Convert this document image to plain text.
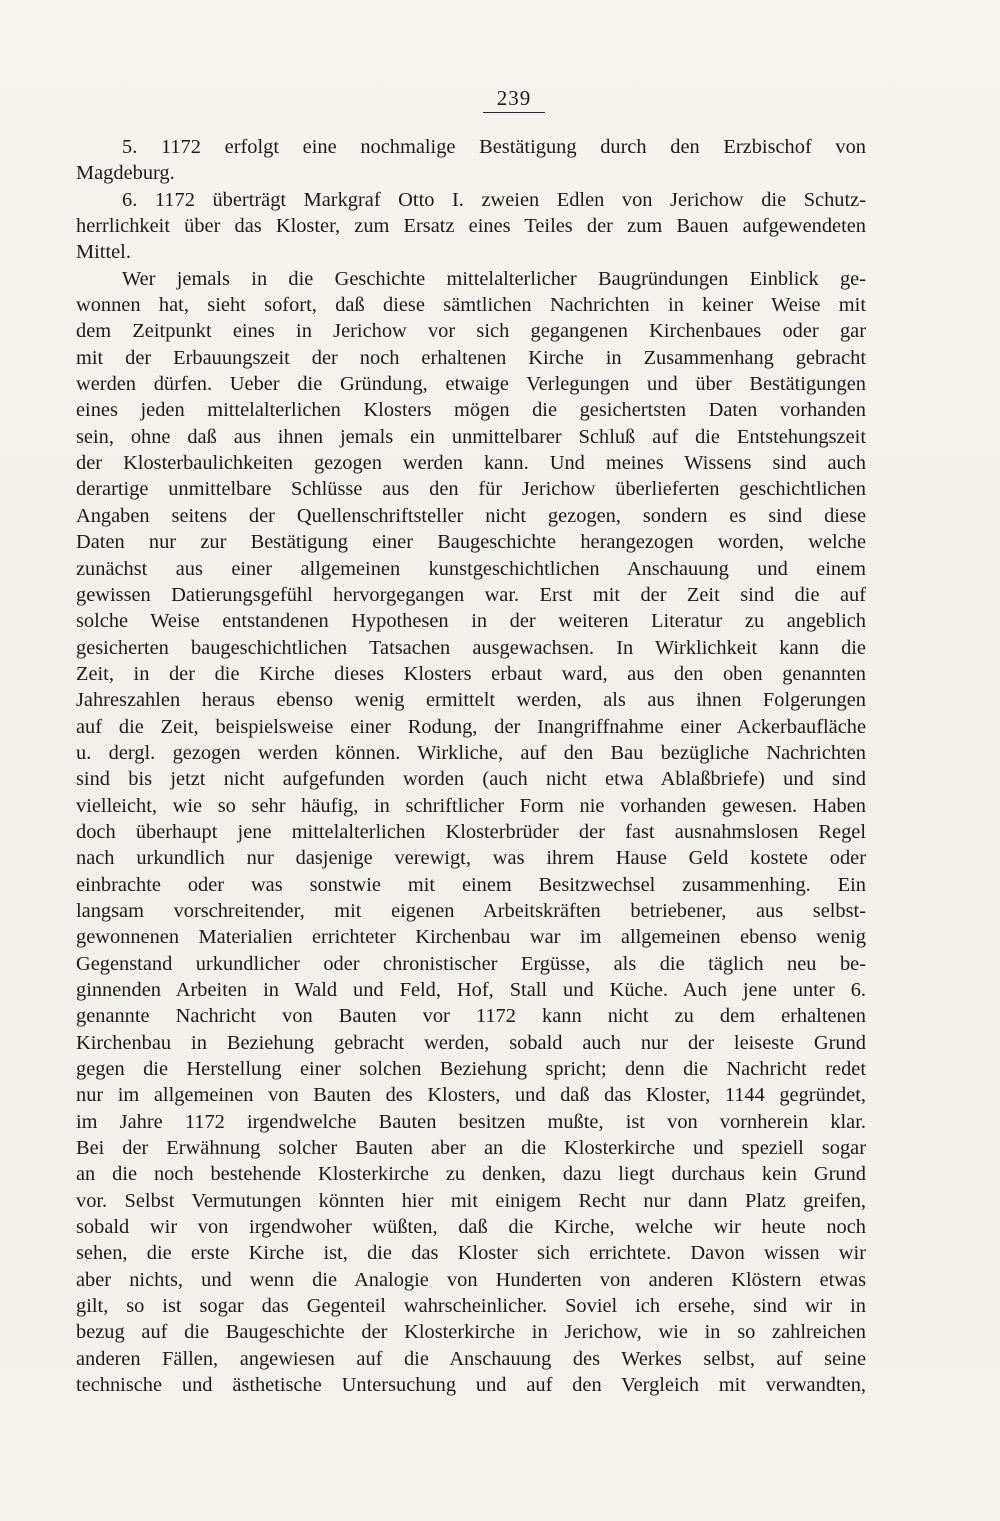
239
5. 1172 erfolgt eine nochmalige Bestätigung durch den Erzbischof von
Magdeburg.
6. 1172 überträgt Markgraf Otto I. zweien Edlen von Jerichow die Schutz-
herrlichkeit über das Kloster, zum Ersatz eines Teiles der zum Bauen aufgewendeten
Mittel.
Wer jemals in die Geschichte mittelalterlicher Baugründungen Einblick ge-
wonnen hat, sieht sofort, daß diese sämtlichen Nachrichten in keiner Weise mit
dem Zeitpunkt eines in Jerichow vor sich gegangenen Kirchenbaues oder gar
mit der Erbauungszeit der noch erhaltenen Kirche in Zusammenhang gebracht
werden dürfen. Ueber die Gründung, etwaige Verlegungen und über Bestätigungen
eines jeden mittelalterlichen Klosters mögen die gesichertsten Daten vorhanden
sein, ohne daß aus ihnen jemals ein unmittelbarer Schluß auf die Entstehungszeit
der Klosterbaulichkeiten gezogen werden kann. Und meines Wissens sind auch
derartige unmittelbare Schlüsse aus den für Jerichow überlieferten geschichtlichen
Angaben seitens der Quellenschriftsteller nicht gezogen, sondern es sind diese
Daten nur zur Bestätigung einer Baugeschichte herangezogen worden, welche
zunächst aus einer allgemeinen kunstgeschichtlichen Anschauung und einem
gewissen Datierungsgefühl hervorgegangen war. Erst mit der Zeit sind die auf
solche Weise entstandenen Hypothesen in der weiteren Literatur zu angeblich
gesicherten baugeschichtlichen Tatsachen ausgewachsen. In Wirklichkeit kann die
Zeit, in der die Kirche dieses Klosters erbaut ward, aus den oben genannten
Jahreszahlen heraus ebenso wenig ermittelt werden, als aus ihnen Folgerungen
auf die Zeit, beispielsweise einer Rodung, der Inangriffnahme einer Ackerbaufläche
u. dergl. gezogen werden können. Wirkliche, auf den Bau bezügliche Nachrichten
sind bis jetzt nicht aufgefunden worden (auch nicht etwa Ablaßbriefe) und sind
vielleicht, wie so sehr häufig, in schriftlicher Form nie vorhanden gewesen. Haben
doch überhaupt jene mittelalterlichen Klosterbrüder der fast ausnahmslosen Regel
nach urkundlich nur dasjenige verewigt, was ihrem Hause Geld kostete oder
einbrachte oder was sonstwie mit einem Besitzwechsel zusammenhing. Ein
langsam vorschreitender, mit eigenen Arbeitskräften betriebener, aus selbst-
gewonnenen Materialien errichteter Kirchenbau war im allgemeinen ebenso wenig
Gegenstand urkundlicher oder chronistischer Ergüsse, als die täglich neu be-
ginnenden Arbeiten in Wald und Feld, Hof, Stall und Küche. Auch jene unter 6.
genannte Nachricht von Bauten vor 1172 kann nicht zu dem erhaltenen
Kirchenbau in Beziehung gebracht werden, sobald auch nur der leiseste Grund
gegen die Herstellung einer solchen Beziehung spricht; denn die Nachricht redet
nur im allgemeinen von Bauten des Klosters, und daß das Kloster, 1144 gegründet,
im Jahre 1172 irgendwelche Bauten besitzen mußte, ist von vornherein klar.
Bei der Erwähnung solcher Bauten aber an die Klosterkirche und speziell sogar
an die noch bestehende Klosterkirche zu denken, dazu liegt durchaus kein Grund
vor. Selbst Vermutungen könnten hier mit einigem Recht nur dann Platz greifen,
sobald wir von irgendwoher wüßten, daß die Kirche, welche wir heute noch
sehen, die erste Kirche ist, die das Kloster sich errichtete. Davon wissen wir
aber nichts, und wenn die Analogie von Hunderten von anderen Klöstern etwas
gilt, so ist sogar das Gegenteil wahrscheinlicher. Soviel ich ersehe, sind wir in
bezug auf die Baugeschichte der Klosterkirche in Jerichow, wie in so zahlreichen
anderen Fällen, angewiesen auf die Anschauung des Werkes selbst, auf seine
technische und ästhetische Untersuchung und auf den Vergleich mit verwandten,
